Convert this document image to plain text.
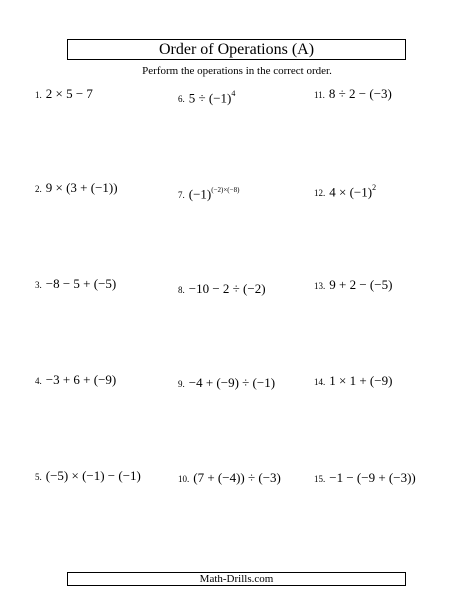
Order of Operations (A)
Perform the operations in the correct order.
1. 2 × 5 − 7
2. 9 × (3 + (−1))
3. −8 − 5 + (−5)
4. −3 + 6 + (−9)
5. (−5) × (−1) − (−1)
6. $5 \div (-1)^4$
7. $(-1)^{(-2)\times(-8)}$
8. −10 − 2 ÷ (−2)
9. −4 + (−9) ÷ (−1)
10. (7 + (−4)) ÷ (−3)
11. 8 ÷ 2 − (−3)
12. $4 \times (-1)^2$
13. 9 + 2 − (−5)
14. 1 × 1 + (−9)
15. −1 − (−9 + (−3))
Math-Drills.com
